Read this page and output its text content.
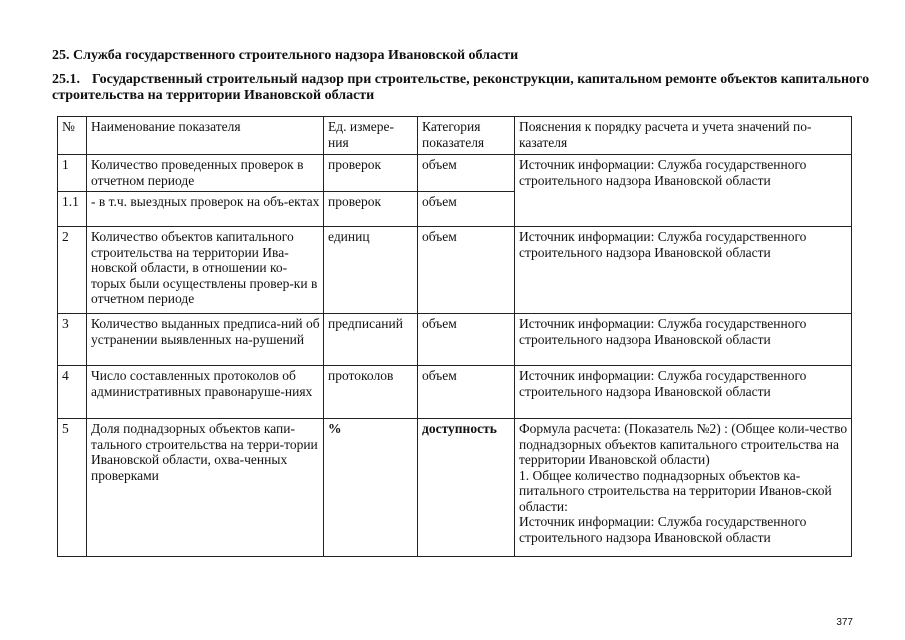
25. Служба государственного строительного надзора Ивановской области
25.1. Государственный строительный надзор при строительстве, реконструкции, капитальном ремонте объектов капитального строительства на территории Ивановской области
№	Наименование показателя	Ед. измере-ния	Категория показателя	Пояснения к порядку расчета и учета значений по-казателя
1	Количество проведенных проверок в отчетном периоде	проверок	объем	Источник информации: Служба государственного строительного надзора Ивановской области
1.1	- в т.ч. выездных проверок на объ-ектах	проверок	объем	
2	Количество объектов капитального строительства на территории Ива-новской области, в отношении ко-торых были осуществлены провер-ки в отчетном периоде	единиц	объем	Источник информации: Служба государственного строительного надзора Ивановской области
3	Количество выданных предписа-ний об устранении выявленных на-рушений	предписаний	объем	Источник информации: Служба государственного строительного надзора Ивановской области
4	Число составленных протоколов об административных правонаруше-ниях	протоколов	объем	Источник информации: Служба государственного строительного надзора Ивановской области
5	Доля поднадзорных объектов капи-тального строительства на терри-тории Ивановской области, охва-ченных проверками	%	доступность	Формула расчета: (Показатель №2) : (Общее коли-чество поднадзорных объектов капитального строительства на территории Ивановской области)
1. Общее количество поднадзорных объектов ка-питального строительства на территории Иванов-ской области:
Источник информации: Служба государственного строительного надзора Ивановской области
377
